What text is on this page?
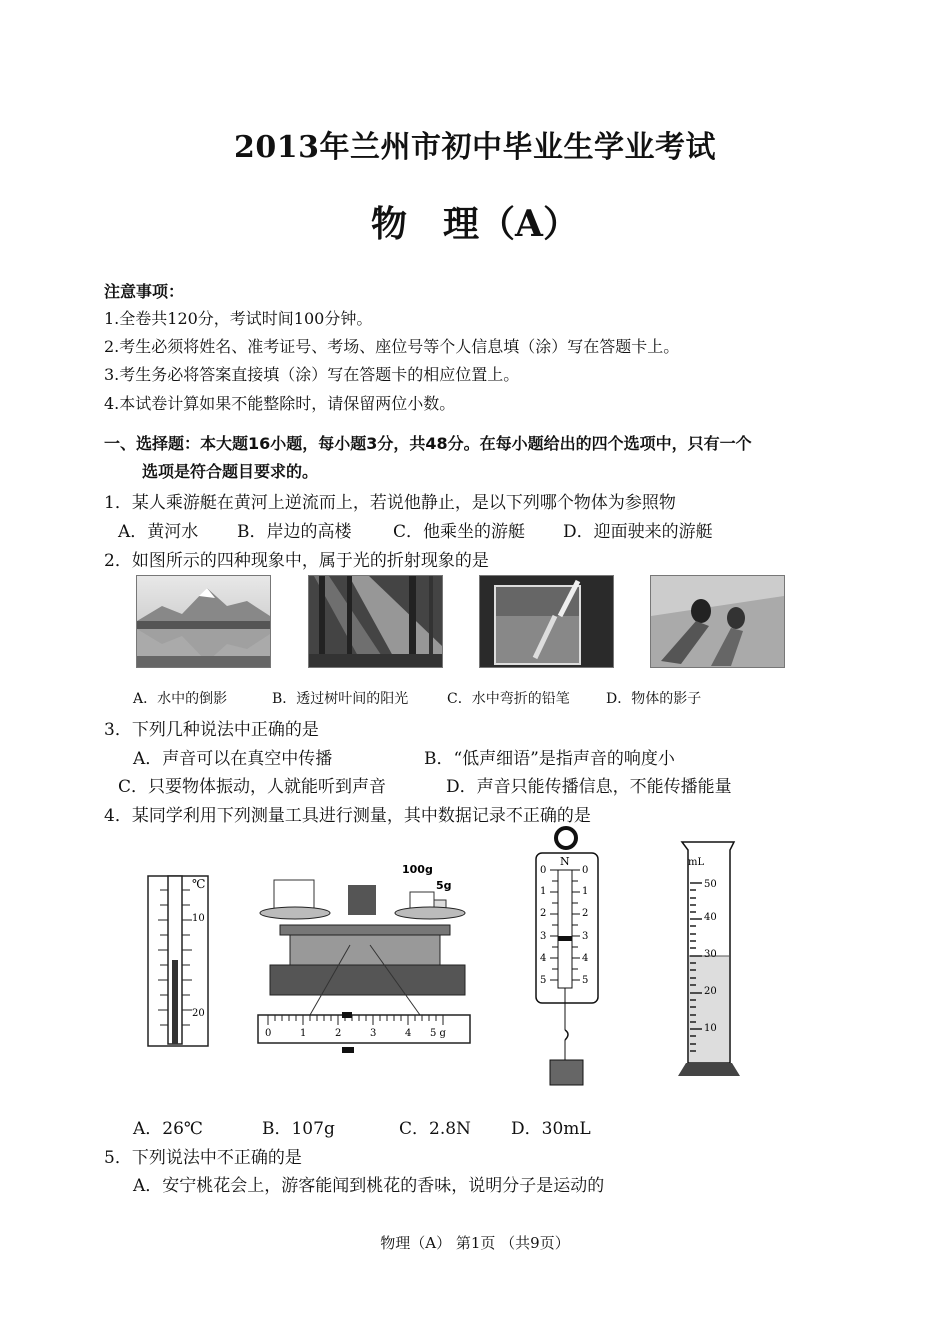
2013年兰州市初中毕业生学业考试
物　理（A）
注意事项：
1.全卷共120分，考试时间100分钟。
2.考生必须将姓名、准考证号、考场、座位号等个人信息填（涂）写在答题卡上。
3.考生务必将答案直接填（涂）写在答题卡的相应位置上。
4.本试卷计算如果不能整除时，请保留两位小数。
一、选择题：本大题16小题，每小题3分，共48分。在每小题给出的四个选项中，只有一个
选项是符合题目要求的。
1．某人乘游艇在黄河上逆流而上，若说他静止，是以下列哪个物体为参照物
A．黄河水 B．岸边的高楼 C．他乘坐的游艇 D．迎面驶来的游艇
2．如图所示的四种现象中，属于光的折射现象的是
A．水中的倒影	B．透过树叶间的阳光	C．水中弯折的铅笔	D．物体的影子
3．下列几种说法中正确的是
A．声音可以在真空中传播	B．“低声细语”是指声音的响度小
C．只要物体振动，人就能听到声音	D．声音只能传播信息，不能传播能量
4．某同学利用下列测量工具进行测量，其中数据记录不正确的是
℃
10
20
100g
5g
0	1	2	3	4 5 g
N
0
1
2
3
4
5
0
1
2
3
4
5
mL
50
40
30
20
10
A．26℃	B．107g	C．2.8N D．30mL
5．下列说法中不正确的是
A．安宁桃花会上，游客能闻到桃花的香味，说明分子是运动的
物理（A） 第1页 （共9页）
